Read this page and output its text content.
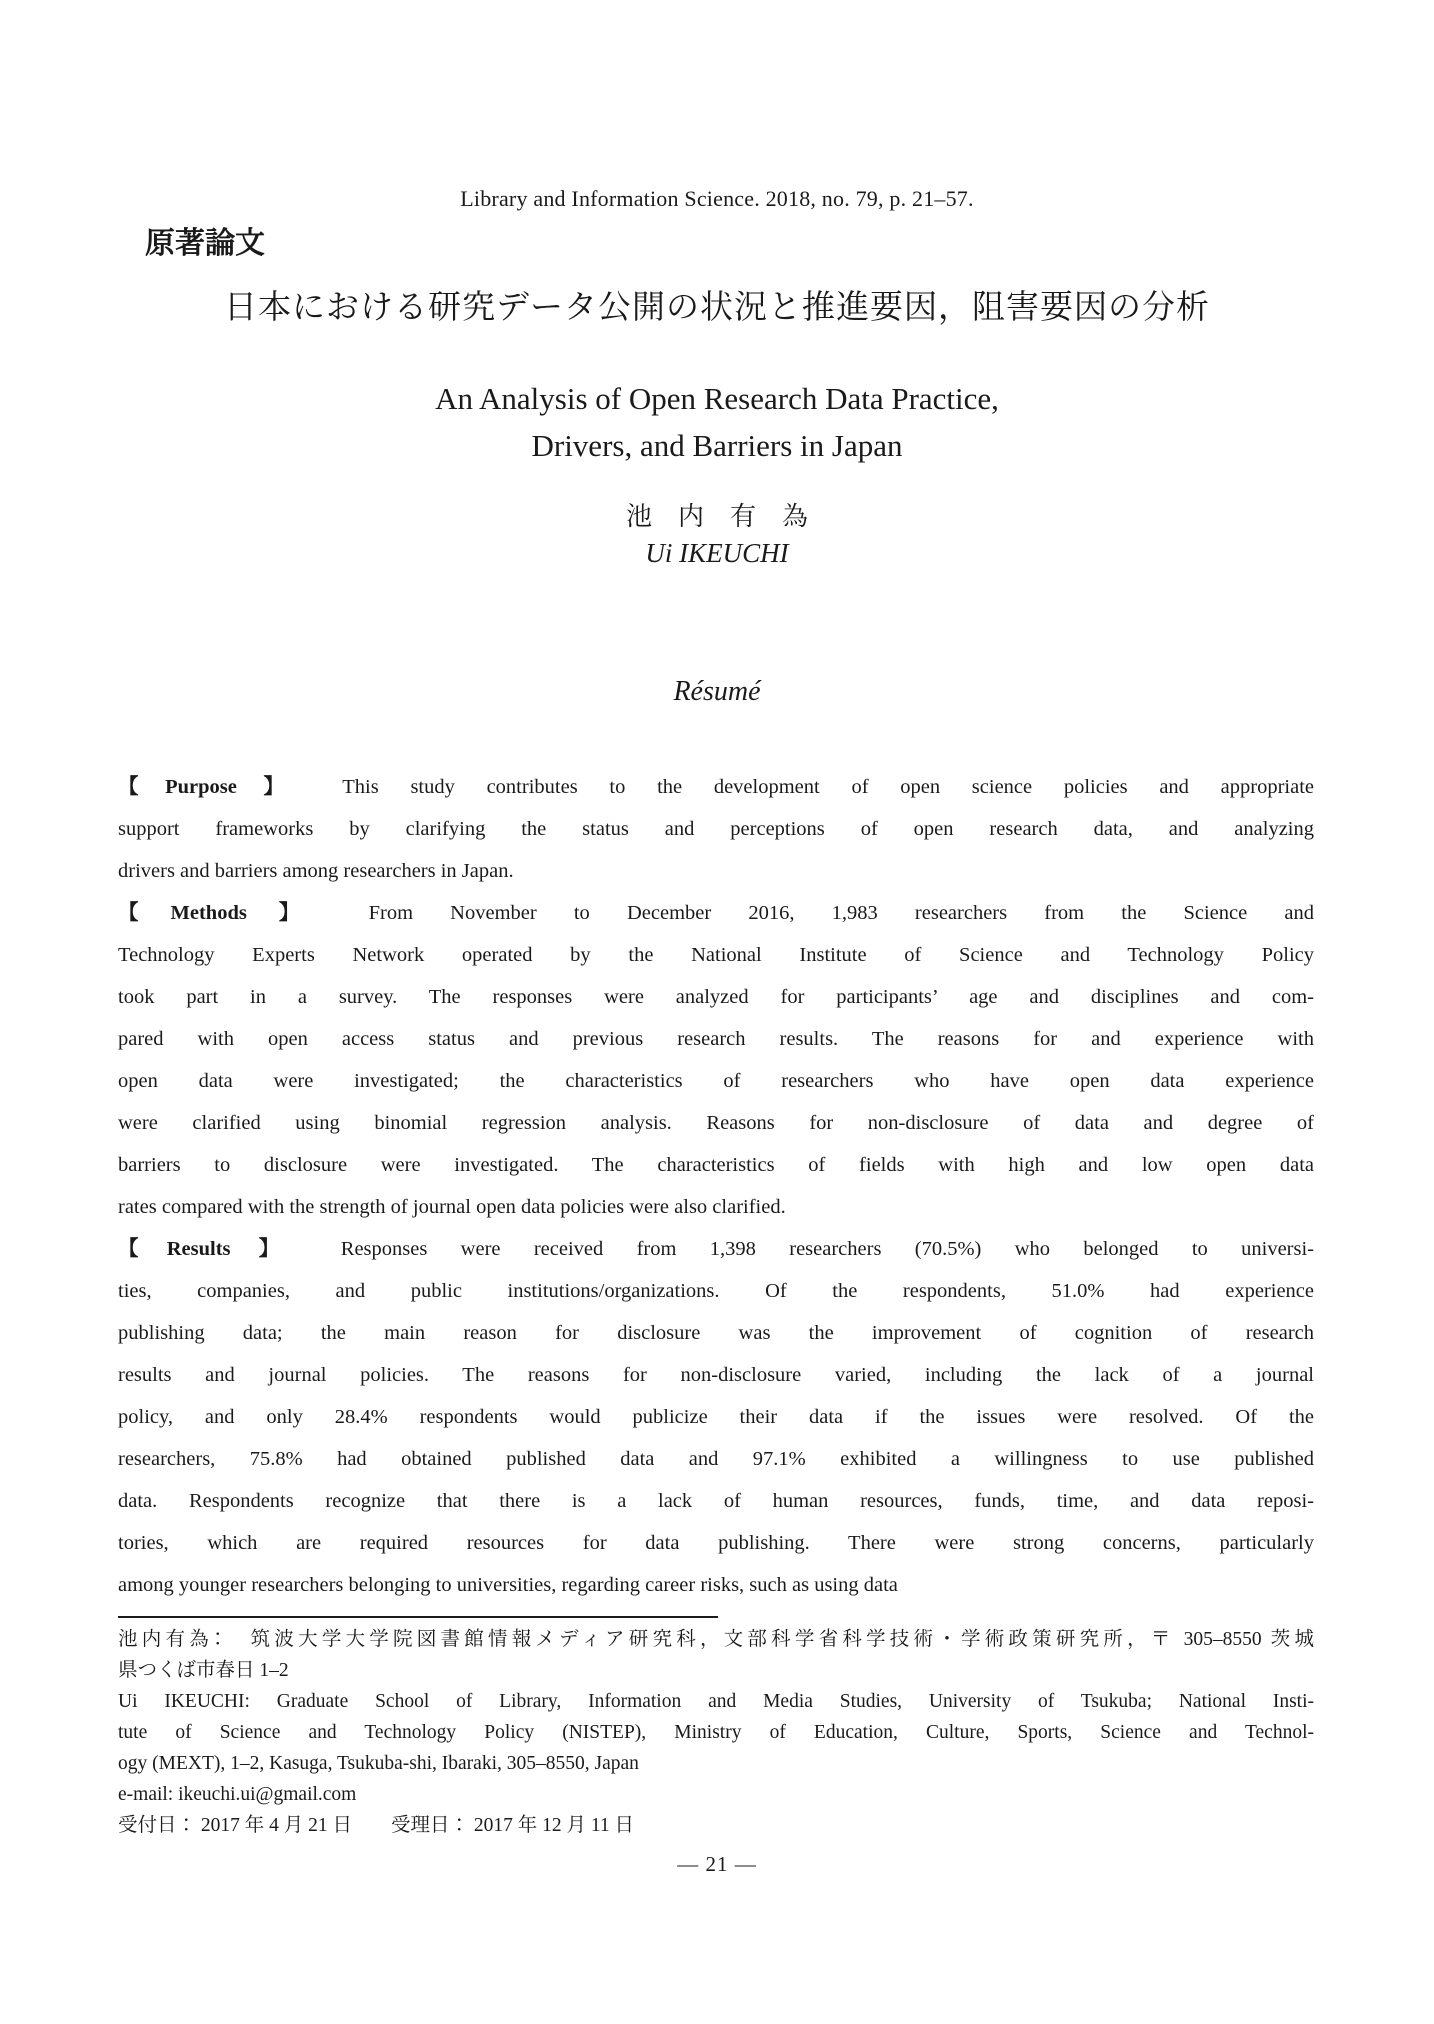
Library and Information Science. 2018, no. 79, p. 21–57.
原著論文
日本における研究データ公開の状況と推進要因，阻害要因の分析
An Analysis of Open Research Data Practice,
Drivers, and Barriers in Japan
池　内　有　為
Ui IKEUCHI
Résumé
【Purpose】 This study contributes to the development of open science policies and appropriate
support frameworks by clarifying the status and perceptions of open research data, and analyzing
drivers and barriers among researchers in Japan.
【Methods】 From November to December 2016, 1,983 researchers from the Science and
Technology Experts Network operated by the National Institute of Science and Technology Policy
took part in a survey. The responses were analyzed for participants’ age and disciplines and com-
pared with open access status and previous research results. The reasons for and experience with
open data were investigated; the characteristics of researchers who have open data experience
were clarified using binomial regression analysis. Reasons for non-disclosure of data and degree of
barriers to disclosure were investigated. The characteristics of fields with high and low open data
rates compared with the strength of journal open data policies were also clarified.
【Results】 Responses were received from 1,398 researchers (70.5%) who belonged to universi-
ties, companies, and public institutions/organizations. Of the respondents, 51.0% had experience
publishing data; the main reason for disclosure was the improvement of cognition of research
results and journal policies. The reasons for non-disclosure varied, including the lack of a journal
policy, and only 28.4% respondents would publicize their data if the issues were resolved. Of the
researchers, 75.8% had obtained published data and 97.1% exhibited a willingness to use published
data. Respondents recognize that there is a lack of human resources, funds, time, and data reposi-
tories, which are required resources for data publishing. There were strong concerns, particularly
among younger researchers belonging to universities, regarding career risks, such as using data
池内有為：　筑波大学大学院図書館情報メディア研究科，文部科学省科学技術・学術政策研究所，〒 305–8550 茨城
県つくば市春日 1–2
Ui IKEUCHI: Graduate School of Library, Information and Media Studies, University of Tsukuba; National Insti-
tute of Science and Technology Policy (NISTEP), Ministry of Education, Culture, Sports, Science and Technol-
ogy (MEXT), 1–2, Kasuga, Tsukuba-shi, Ibaraki, 305–8550, Japan
e-mail: ikeuchi.ui@gmail.com
受付日： 2017 年 4 月 21 日　　受理日： 2017 年 12 月 11 日
— 21 —
